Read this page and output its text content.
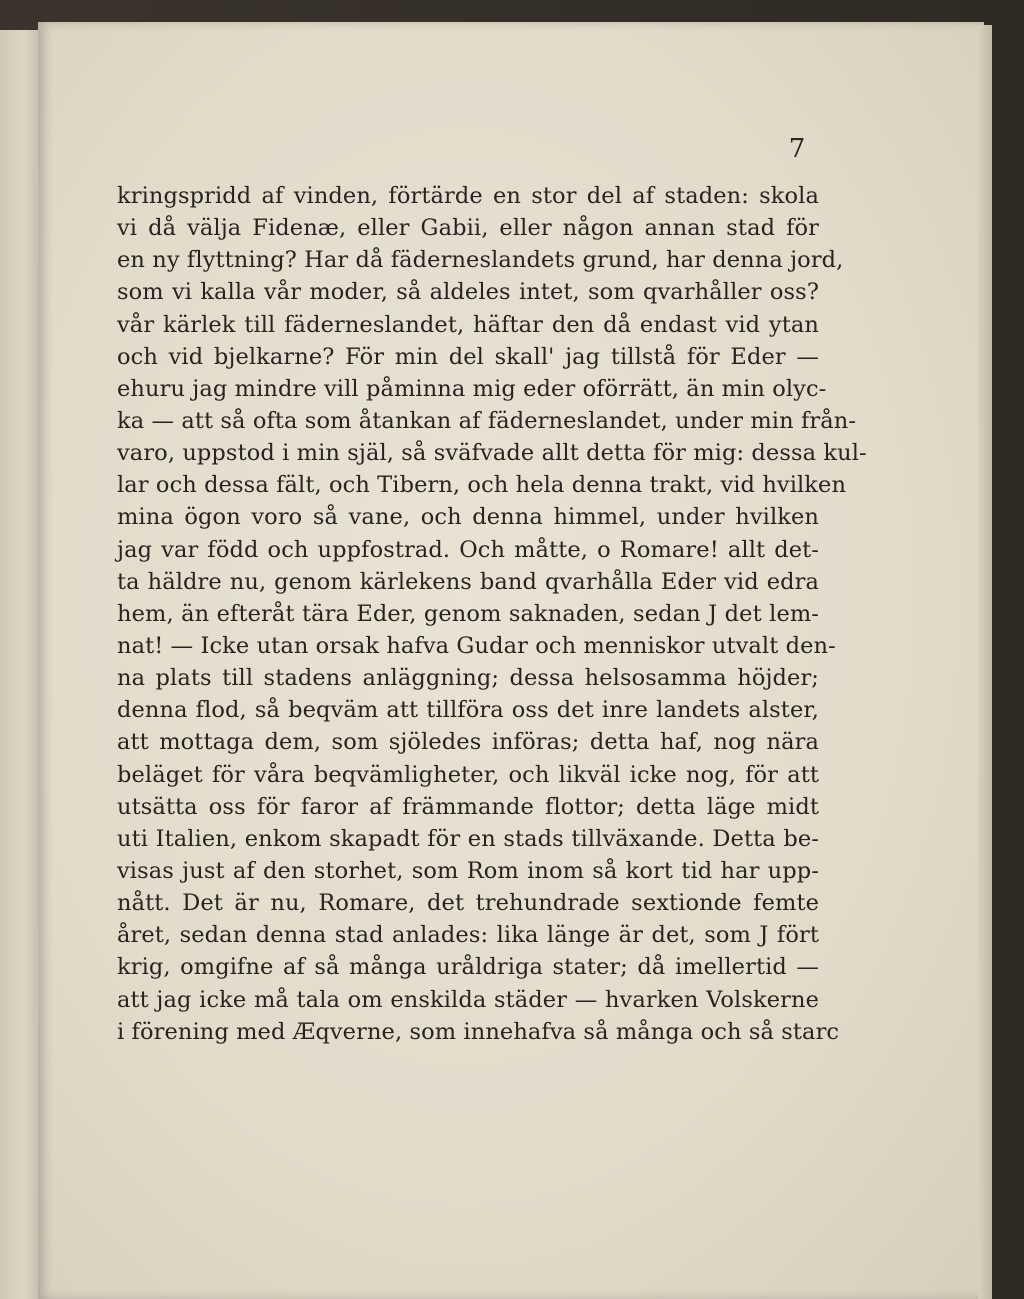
7
kringspridd af vinden, förtärde en stor del af staden: skola
vi då välja Fidenæ, eller Gabii, eller någon annan stad för
en ny flyttning? Har då fäderneslandets grund, har denna jord,
som vi kalla vår moder, så aldeles intet, som qvarhåller oss?
vår kärlek till fäderneslandet, häftar den då endast vid ytan
och vid bjelkarne? För min del skall' jag tillstå för Eder —
ehuru jag mindre vill påminna mig eder oförrätt, än min olyc-
ka — att så ofta som åtankan af fäderneslandet, under min från-
varo, uppstod i min själ, så sväfvade allt detta för mig: dessa kul-
lar och dessa fält, och Tibern, och hela denna trakt, vid hvilken
mina ögon voro så vane, och denna himmel, under hvilken
jag var född och uppfostrad. Och måtte, o Romare! allt det-
ta häldre nu, genom kärlekens band qvarhålla Eder vid edra
hem, än efteråt tära Eder, genom saknaden, sedan J det lem-
nat! — Icke utan orsak hafva Gudar och menniskor utvalt den-
na plats till stadens anläggning; dessa helsosamma höjder;
denna flod, så beqväm att tillföra oss det inre landets alster,
att mottaga dem, som sjöledes införas; detta haf, nog nära
beläget för våra beqvämligheter, och likväl icke nog, för att
utsätta oss för faror af främmande flottor; detta läge midt
uti Italien, enkom skapadt för en stads tillväxande. Detta be-
visas just af den storhet, som Rom inom så kort tid har upp-
nått. Det är nu, Romare, det trehundrade sextionde femte
året, sedan denna stad anlades: lika länge är det, som J fört
krig, omgifne af så många uråldriga stater; då imellertid —
att jag icke må tala om enskilda städer — hvarken Volskerne
i förening med Æqverne, som innehafva så många och så starc
